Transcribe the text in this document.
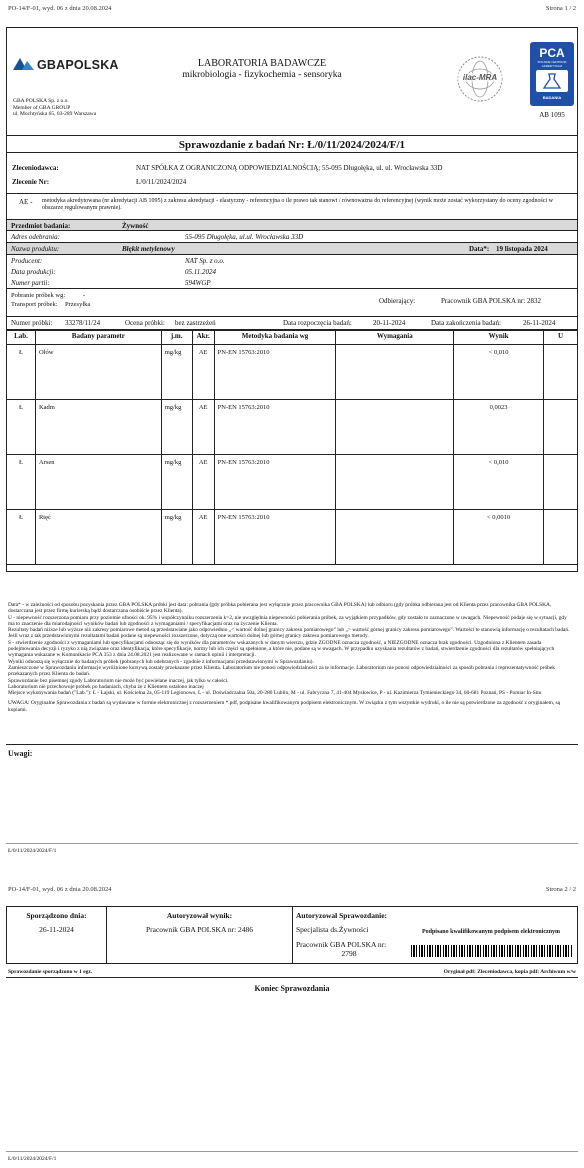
PO-14/F-01, wyd. 06 z dnia 20.08.2024	Strona 1 / 2
GBAPOLSKA	LABORATORIA BADAWCZE
mikrobiologia - fizykochemia - sensoryka
GBA POLSKA Sp. z o.o.
Member of GBA GROUP
ul. Mochtyńska 65, 03-289 Warszawa
ilac-MRA
PCA
POLSKIE CENTRUM AKREDYTACJI
BADANIA
AB 1095
Sprawozdanie z badań Nr: Ł/0/11/2024/2024/F/1
Zleceniodawca:	NAT SPÓŁKA Z OGRANICZONĄ ODPOWIEDZIALNOŚCIĄ; 55-095 Długołęka, ul. ul. Wrocławska 33D
Zlecenie Nr:	Ł/0/11/2024/2024
AE - metodyka akredytowana (nr akredytacji AB 1095) z zakresu akredytacji - elastyczny - referencyjna o ile prawo tak stanowi / równoważna do referencyjnej (wynik może zostać wykorzystany do oceny zgodności w obszarze regulowanym prawnie).
Przedmiot badania:	Żywność
Adres odebrania:	55-095 Długołęka, ul.ul. Wrocławska 33D
Nazwa produktu:	Błękit metylenowy	Data*: 19 listopada 2024
Producent:	NAT Sp. z o.o.
Data produkcji:	05.11.2024
Numer partii:	594WGP
Pobranie próbek wg:	-
Transport próbek: Przesyłka	Odbierający:	Pracownik GBA POLSKA nr: 2832
Numer próbki: 33278/11/24	Ocena próbki: bez zastrzeżeń	Data rozpoczęcia badań:	20-11-2024	Data zakończenia badań:	26-11-2024
Lab.	Badany parametr	j.m.	Akr.	Metodyka badania wg	Wymagania	Wynik	U
Ł	Ołów	mg/kg	AE	PN-EN 15763:2010		< 0,010	
Ł	Kadm	mg/kg	AE	PN-EN 15763:2010		0,0023	
Ł	Arsen	mg/kg	AE	PN-EN 15763:2010		< 0,010	
Ł	Rtęć	mg/kg	AE	PN-EN 15763:2010		< 0,0010	

Data* - w zależności od sposobu pozyskania przez GBA POLSKA próbki jest data: pobrania (gdy próbka pobierana jest wyłącznie przez pracownika GBA POLSKA) lub odbioru (gdy próbka odbierana jest od Klienta przez pracownika GBA POLSKA, dostarczana jest przez firmę kurierską bądź dostarczana osobiście przez Klienta).

U - niepewność rozszerzona pomiaru przy poziomie ufności ok. 95% i współczynniku rozszerzenia k=2, nie uwzględnia niepewności pobierania próbek, za wyjątkiem przypadków, gdy zostało to zaznaczone w uwagach. Niepewność podaje się w sytuacji, gdy ma to znaczenie dla miarodajności wyników badań lub zgodności z wymaganiami / specyfikacjami oraz na życzenie Klienta.

Rezultaty badań niższe lub wyższe niż zakresy pomiarowe metod są przedstawiane jako odpowiednio „< wartość dolnej granicy zakresu pomiarowego” lub „> wartość górnej granicy zakresu pomiarowego”. Wartości te stanowią informację o rezultatach badań. Jeśli wraz z tak przedstawionymi rezultatami badań podane są niepewności rozszerzone, dotyczą one wartości dolnej lub górnej granicy zakresu pomiarowego metody.

S - stwierdzenie zgodności z wymaganiami lub specyfikacjami odnosząc się do wyników dla parametrów wskazanych w danym wierszu, gdzie ZGODNE oznacza zgodność, a NIEZGODNE oznacza brak zgodności. Uzgodniona z Klientem zasada podejmowania decyzji i ryzyko z nią związane oraz identyfikacja, które specyfikacje, normy lub ich części są spełnione, a które nie, podane są w uwagach. W przypadku uzyskania rezultatów z badań, stwierdzenie zgodności dla rezultatów spełniających wymagania wskazane w Komunikacie PCA 353 z dnia 24.08.2021 jest realizowane w ramach opinii i interpretacji.

Wyniki odnoszą się wyłącznie do badanych próbek (pobranych lub odebranych - zgodnie z informacjami przedstawionymi w Sprawozdaniu).

Zamieszczone w Sprawozdaniu informacje wyróżnione kursywą zostały przekazane przez Klienta. Laboratorium nie ponosi odpowiedzialności za te informacje. Laboratorium nie ponosi odpowiedzialności za sposób pobrania i reprezentatywność próbek przekazanych przez Klienta do badań.

Sprawozdanie bez pisemnej zgody Laboratorium nie może być powielane inaczej, jak tylko w całości.

Laboratorium nie przechowuje próbek po badaniach, chyba że z Klientem ustalono inaczej

Miejsce wykonywania badań ("Lab."): Ł - Łajski, ul. Kościelna 2a, 05-119 Legionowo, L - ul. Doświadczalna 50a, 20-280 Lublin, M - ul. Fabryczna 7, 41-404 Mysłowice, P - ul. Kazimierza Tymienieckiego 34, 60-681 Poznań, PS - Pomiar In-Situ

UWAGA: Oryginalne Sprawozdania z badań są wydawane w formie elektronicznej z rozszerzeniem *.pdf, podpisane kwalifikowanym podpisem elektronicznym. W związku z tym wszystkie wydruki, o ile nie są potwierdzone za zgodność z oryginałem, są kopiami.

Uwagi:
Ł/0/11/2024/2024/F/1
PO-14/F-01, wyd. 06 z dnia 20.08.2024	Strona 2 / 2
Sporządzono dnia:
26-11-2024
Autoryzował wynik:
Pracownik GBA POLSKA nr: 2486
Autoryzował Sprawozdanie:
Specjalista ds.Żywności
Pracownik GBA POLSKA nr:
2798
Podpisano kwalifikowanym podpisem elektronicznym
Sprawozdanie sporządzono w 1 egz.	Oryginał pdf: Zleceniodawca, kopia pdf: Archiwum w/w
Koniec Sprawozdania
Ł/0/11/2024/2024/F/1
